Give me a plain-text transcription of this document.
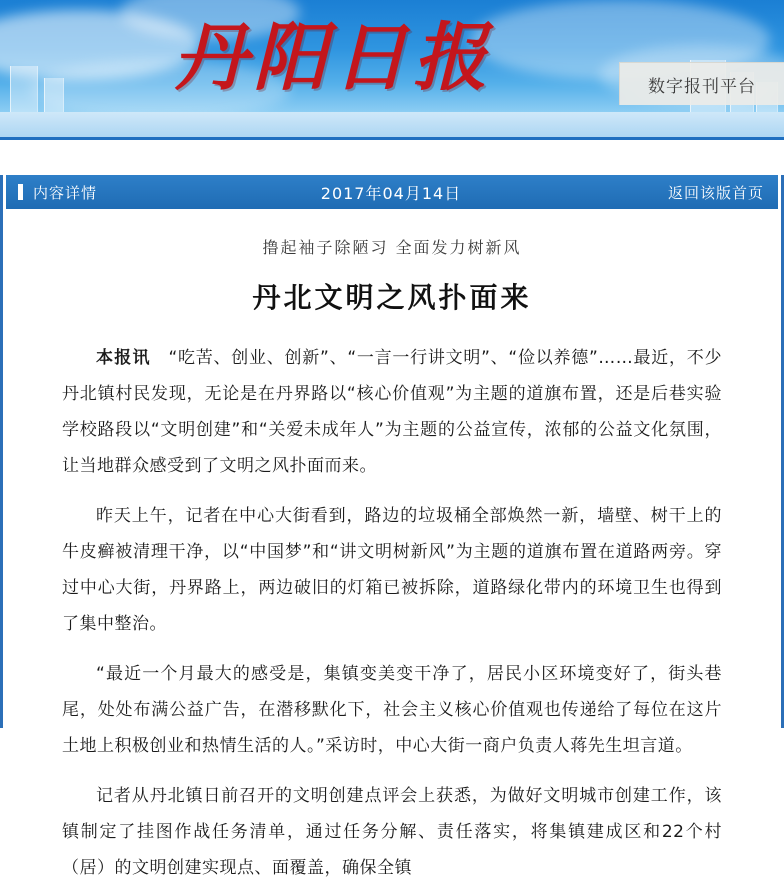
丹阳日报	数字报刊平台
内容详情	2017年04月14日	返回该版首页
撸起袖子除陋习 全面发力树新风
丹北文明之风扑面来

本报讯　“吃苦、创业、创新”、“一言一行讲文明”、“俭以养德”……最近，不少丹北镇村民发现，无论是在丹界路以“核心价值观”为主题的道旗布置，还是后巷实验学校路段以“文明创建”和“关爱未成年人”为主题的公益宣传，浓郁的公益文化氛围，让当地群众感受到了文明之风扑面而来。

昨天上午，记者在中心大街看到，路边的垃圾桶全部焕然一新，墙壁、树干上的牛皮癣被清理干净，以“中国梦”和“讲文明树新风”为主题的道旗布置在道路两旁。穿过中心大街，丹界路上，两边破旧的灯箱已被拆除，道路绿化带内的环境卫生也得到了集中整治。

“最近一个月最大的感受是，集镇变美变干净了，居民小区环境变好了，街头巷尾，处处布满公益广告，在潜移默化下，社会主义核心价值观也传递给了每位在这片土地上积极创业和热情生活的人。”采访时，中心大街一商户负责人蒋先生坦言道。

记者从丹北镇日前召开的文明创建点评会上获悉，为做好文明城市创建工作，该镇制定了挂图作战任务清单，通过任务分解、责任落实，将集镇建成区和22个村（居）的文明创建实现点、面覆盖，确保全镇
